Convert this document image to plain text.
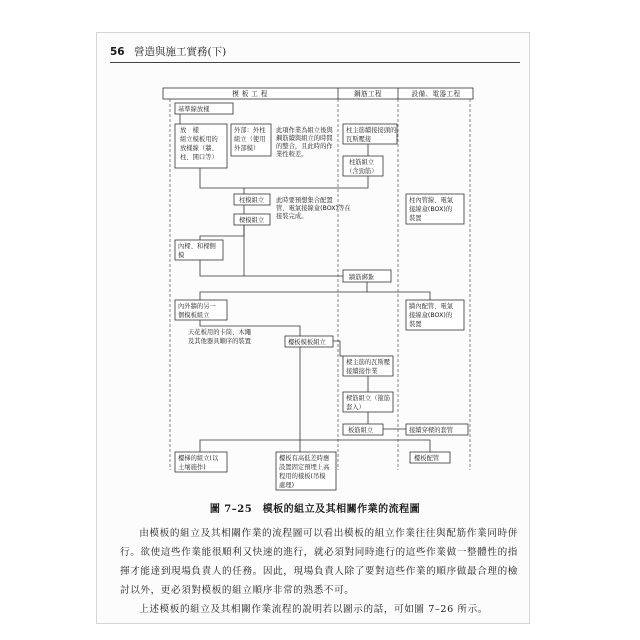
56 營造與施工實務(下)
模 板 工 程	鋼筋工程	設備、電器工程
基準線放樣
放　樣
組立模板用的
放樣線（牆、
柱、開口等）
外部：外柱
組立（使用
外部模）
此項作業為組立後與
鋼筋續與組立的時間
的整合，且此時的作
業性較差。
柱主筋續接接頭的
瓦斯壓接
柱筋組立
（含勁筋）
柱模組立 此時要預想集合配置
管、電氣接線盒(BOX)等在
接裝完成。
柱內管線、電氣
接線盒(BOX)的
裝置
樑模組立
內樑、和樑側
模
牆筋綁紮
內外牆的另一
個模板組立
牆內配管、電氣
接線盒(BOX)的
裝置
天花板用的卡筒、木繩
及其他器具順序的裝置	樓板模板組立
樑主筋的瓦斯壓
接續接作業
樑筋組立（箍筋
套入）
板筋組立	接續穿樑的套管
樓梯的組立(以
土壤施作)
樓板有高低差時應
設置固定預埋上高
程用的樣板(吊模
處理)
樓板配管
圖 7–25　模板的組立及其相關作業的流程圖

由模板的組立及其相關作業的流程圖可以看出模板的組立作業往往與配筋作業同時併行。欲使這些作業能很順利又快速的進行，就必須對同時進行的這些作業做一整體性的指揮才能達到現場負責人的任務。因此，現場負責人除了要對這些作業的順序做最合理的檢討以外，更必須對模板的組立順序非常的熟悉不可。

上述模板的組立及其相關作業流程的說明若以圖示的話，可如圖 7–26 所示。
